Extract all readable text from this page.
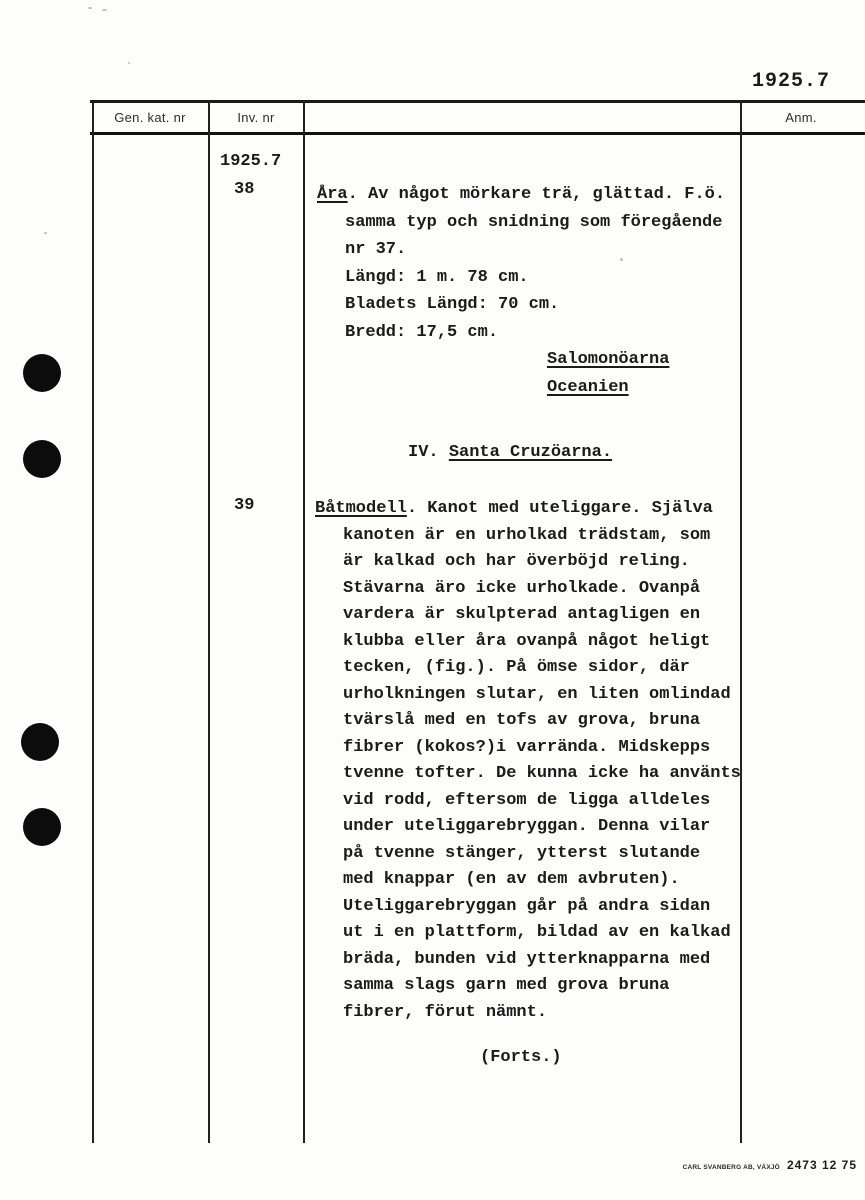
1925.7
Gen. kat. nr	Inv. nr	Anm.
1925.7
38
39
Åra. Av något mörkare trä, glättad. F.ö.
samma typ och snidning som föregående
nr 37.
Längd: 1 m. 78 cm.
Bladets Längd: 70 cm.
Bredd: 17,5 cm.
Salomonöarna
Oceanien
IV. Santa Cruzöarna.
Båtmodell. Kanot med uteliggare. Själva
kanoten är en urholkad trädstam, som
är kalkad och har överböjd reling.
Stävarna äro icke urholkade. Ovanpå
vardera är skulpterad antagligen en
klubba eller åra ovanpå något heligt
tecken, (fig.). På ömse sidor, där
urholkningen slutar, en liten omlindad
tvärslå med en tofs av grova, bruna
fibrer (kokos?)i varrända. Midskepps
tvenne tofter. De kunna icke ha använts
vid rodd, eftersom de ligga alldeles
under uteliggarebryggan. Denna vilar
på tvenne stänger, ytterst slutande
med knappar (en av dem avbruten).
Uteliggarebryggan går på andra sidan
ut i en plattform, bildad av en kalkad
bräda, bunden vid ytterknapparna med
samma slags garn med grova bruna
fibrer, förut nämnt.
(Forts.)
CARL SVANBERG AB, VÄXJÖ 2473 12 75
